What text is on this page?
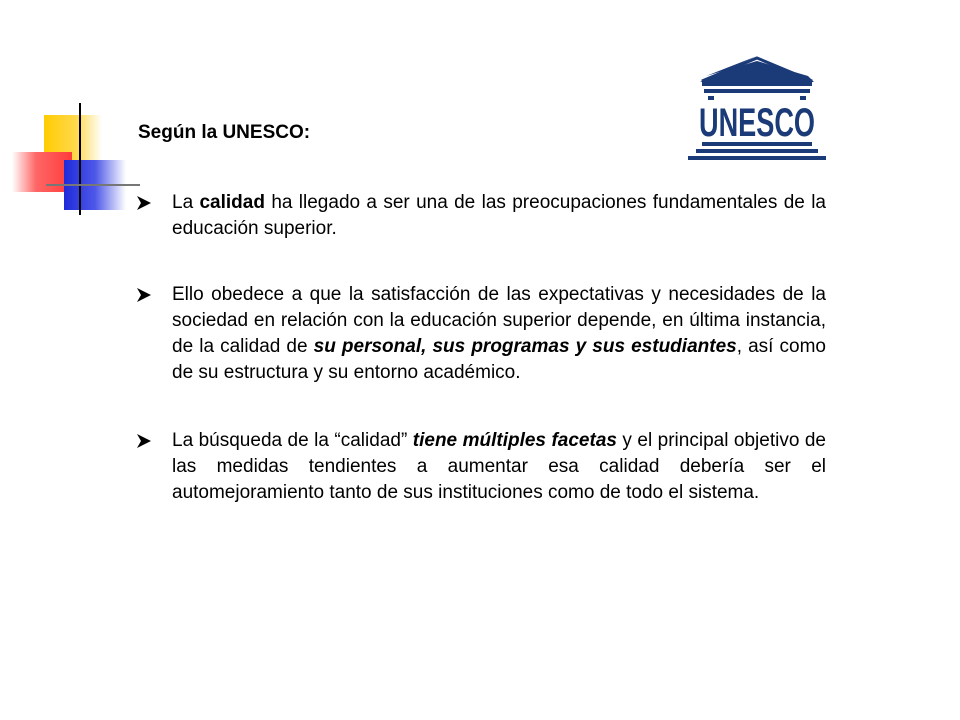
UNESCO
Según la UNESCO:
La calidad ha llegado a ser una de las preocupaciones fundamentales de la educación superior.
Ello obedece a que la satisfacción de las expectativas y necesidades de la sociedad en relación con la educación superior depende, en última instancia, de la calidad de su personal, sus programas y sus estudiantes, así como de su estructura y su entorno académico.
La búsqueda de la “calidad” tiene múltiples facetas y el principal objetivo de las medidas tendientes a aumentar esa calidad debería ser el automejoramiento tanto de sus instituciones como de todo el sistema.
